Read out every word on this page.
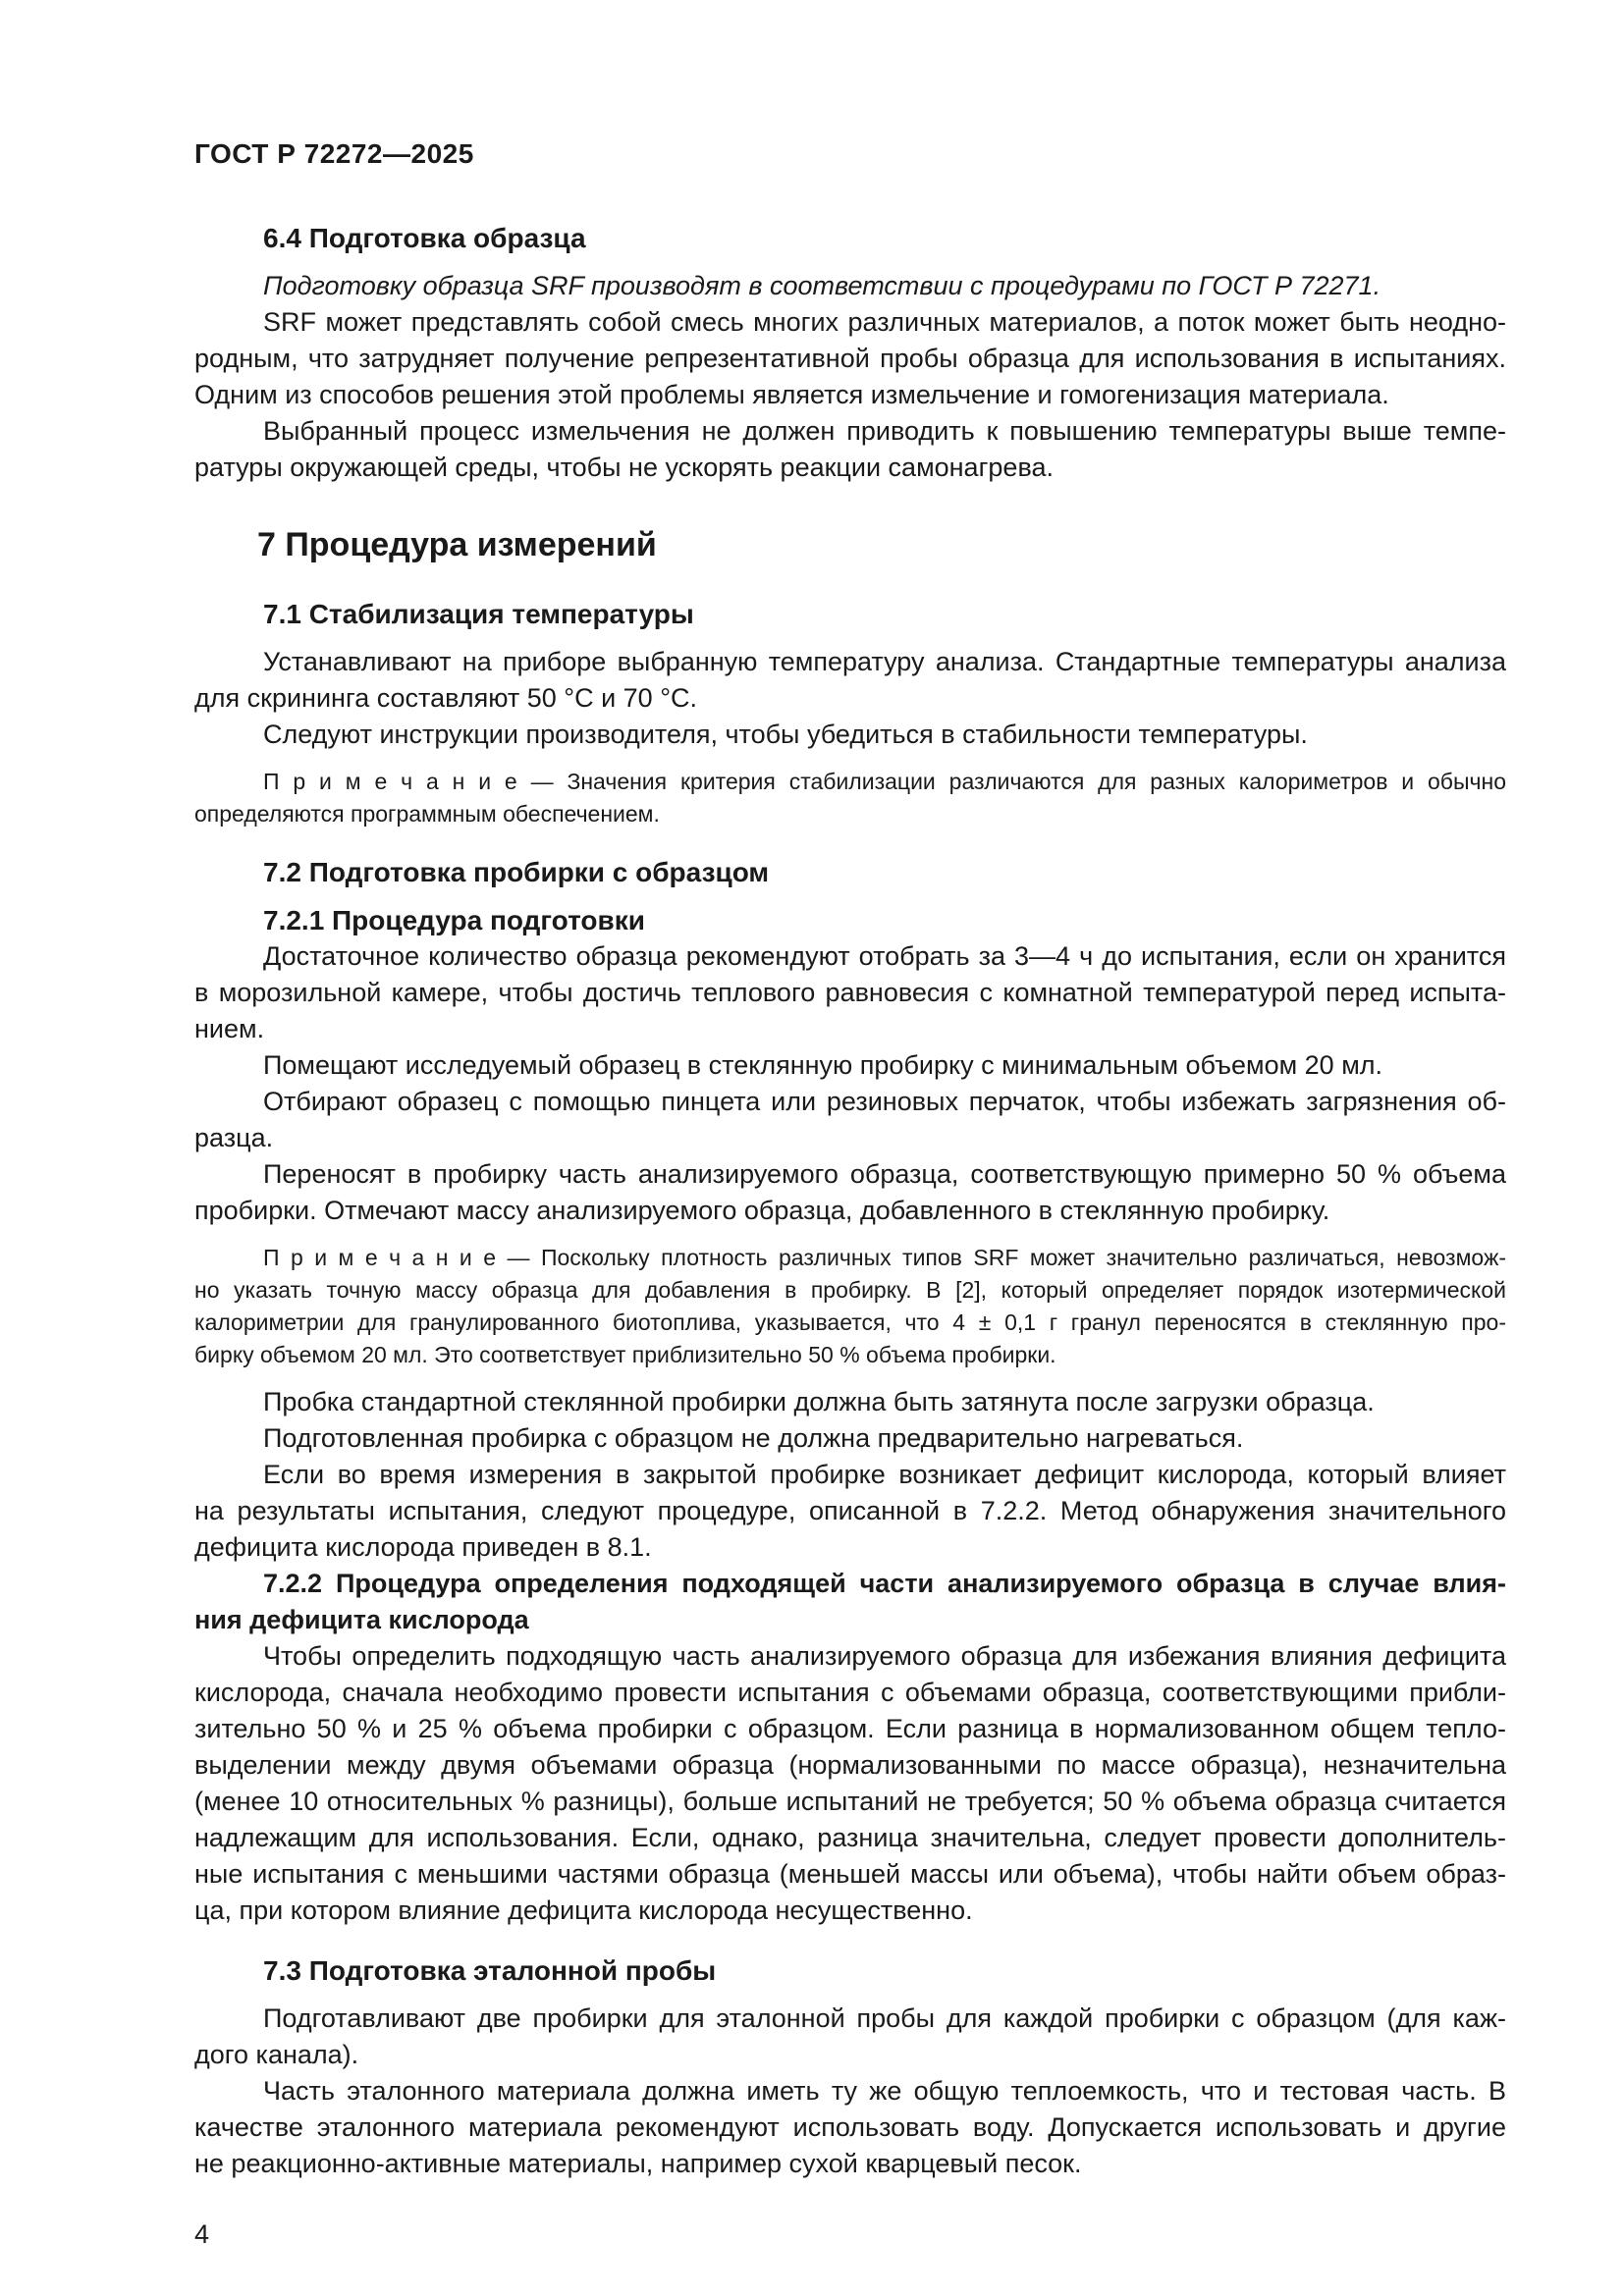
ГОСТ Р 72272—2025
6.4 Подготовка образца
Подготовку образца SRF производят в соответствии с процедурами по ГОСТ Р 72271.
SRF может представлять собой смесь многих различных материалов, а поток может быть неодно-
родным, что затрудняет получение репрезентативной пробы образца для использования в испытаниях.
Одним из способов решения этой проблемы является измельчение и гомогенизация материала.
Выбранный процесс измельчения не должен приводить к повышению температуры выше темпе-
ратуры окружающей среды, чтобы не ускорять реакции самонагрева.
7 Процедура измерений
7.1 Стабилизация температуры
Устанавливают на приборе выбранную температуру анализа. Стандартные температуры анализа
для скрининга составляют 50 °С и 70 °С.
Следуют инструкции производителя, чтобы убедиться в стабильности температуры.
П р и м е ч а н и е — Значения критерия стабилизации различаются для разных калориметров и обычно
определяются программным обеспечением.
7.2 Подготовка пробирки с образцом
7.2.1 Процедура подготовки
Достаточное количество образца рекомендуют отобрать за 3—4 ч до испытания, если он хранится
в морозильной камере, чтобы достичь теплового равновесия с комнатной температурой перед испыта-
нием.
Помещают исследуемый образец в стеклянную пробирку с минимальным объемом 20 мл.
Отбирают образец с помощью пинцета или резиновых перчаток, чтобы избежать загрязнения об-
разца.
Переносят в пробирку часть анализируемого образца, соответствующую примерно 50 % объема
пробирки. Отмечают массу анализируемого образца, добавленного в стеклянную пробирку.
П р и м е ч а н и е — Поскольку плотность различных типов SRF может значительно различаться, невозмож-
но указать точную массу образца для добавления в пробирку. В [2], который определяет порядок изотермической
калориметрии для гранулированного биотоплива, указывается, что 4 ± 0,1 г гранул переносятся в стеклянную про-
бирку объемом 20 мл. Это соответствует приблизительно 50 % объема пробирки.
Пробка стандартной стеклянной пробирки должна быть затянута после загрузки образца.
Подготовленная пробирка с образцом не должна предварительно нагреваться.
Если во время измерения в закрытой пробирке возникает дефицит кислорода, который влияет
на результаты испытания, следуют процедуре, описанной в 7.2.2. Метод обнаружения значительного
дефицита кислорода приведен в 8.1.
7.2.2 Процедура определения подходящей части анализируемого образца в случае влия-
ния дефицита кислорода
Чтобы определить подходящую часть анализируемого образца для избежания влияния дефицита
кислорода, сначала необходимо провести испытания с объемами образца, соответствующими прибли-
зительно 50 % и 25 % объема пробирки с образцом. Если разница в нормализованном общем тепло-
выделении между двумя объемами образца (нормализованными по массе образца), незначительна
(менее 10 относительных % разницы), больше испытаний не требуется; 50 % объема образца считается
надлежащим для использования. Если, однако, разница значительна, следует провести дополнитель-
ные испытания с меньшими частями образца (меньшей массы или объема), чтобы найти объем образ-
ца, при котором влияние дефицита кислорода несущественно.
7.3 Подготовка эталонной пробы
Подготавливают две пробирки для эталонной пробы для каждой пробирки с образцом (для каж-
дого канала).
Часть эталонного материала должна иметь ту же общую теплоемкость, что и тестовая часть. В
качестве эталонного материала рекомендуют использовать воду. Допускается использовать и другие
не реакционно-активные материалы, например сухой кварцевый песок.
4
